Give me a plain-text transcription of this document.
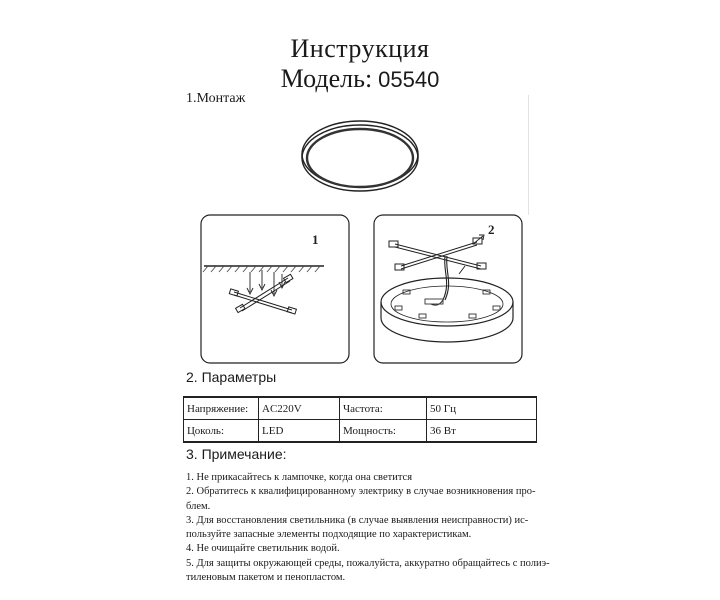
Инструкция
Модель: 05540
1.Монтаж
1
2
2. Параметры
Напряжение:	AC220V	Частота:	50 Гц
Цоколь:	LED	Мощность:	36 Вт
3. Примечание:
1. Не прикасайтесь к лампочке, когда она светится
2. Обратитесь к квалифицированному электрику в случае возникновения про-
блем.
3. Для восстановления светильника (в случае выявления неисправности) ис-
пользуйте запасные элементы подходящие по характеристикам.
4. Не очищайте светильник водой.
5. Для защиты окружающей среды, пожалуйста, аккуратно обращайтесь с полиэ-
тиленовым пакетом и пенопластом.
